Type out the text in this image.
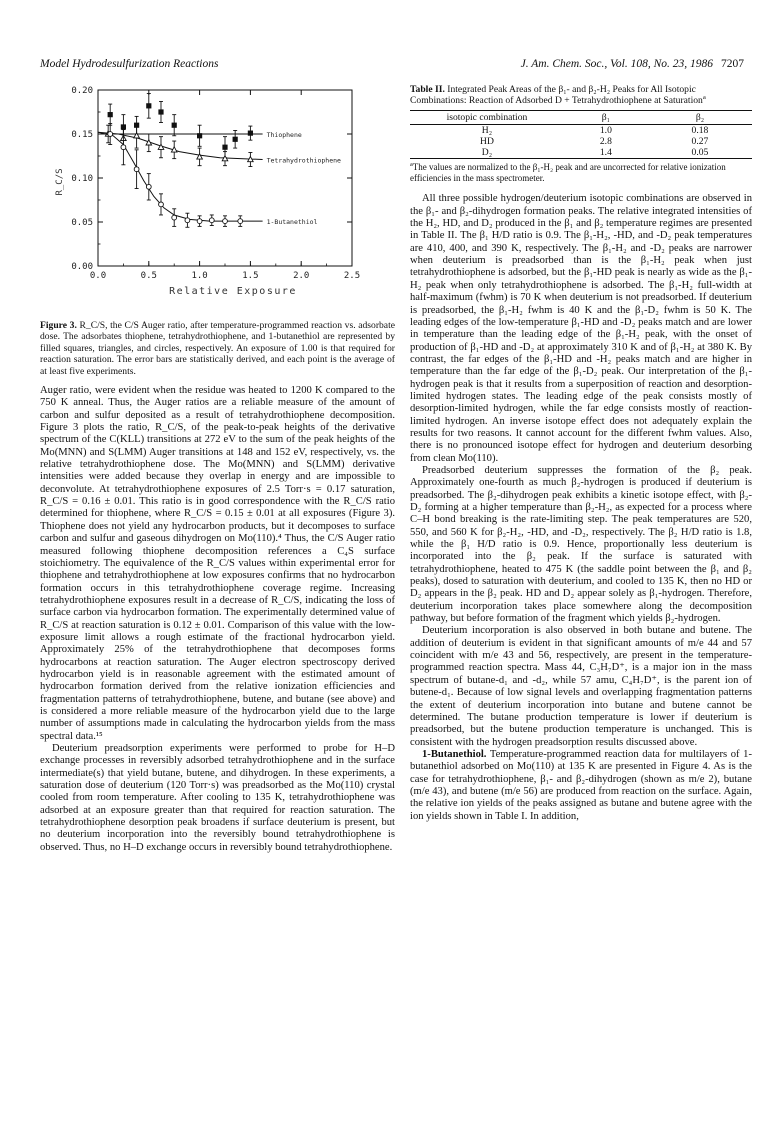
Model Hydrodesulfurization Reactions	J. Am. Chem. Soc., Vol. 108, No. 23, 1986 7207
0.0	0.5	1.0	1.5	2.0	2.5
0.00
0.05
0.10
0.15
0.20
Relative Exposure
R_C/S
Thiophene
Tetrahydrothiophene
1-Butanethiol
Figure 3. R_C/S, the C/S Auger ratio, after temperature-programmed reaction vs. adsorbate dose. The adsorbates thiophene, tetrahydrothiophene, and 1-butanethiol are represented by filled squares, triangles, and circles, respectively. An exposure of 1.00 is that required for reaction saturation. The error bars are statistically derived, and each point is the average of at least five experiments.

Auger ratio, were evident when the residue was heated to 1200 K compared to the 750 K anneal. Thus, the Auger ratios are a reliable measure of the amount of carbon and sulfur deposited as a result of tetrahydrothiophene decomposition. Figure 3 plots the ratio, R_C/S, of the peak-to-peak heights of the derivative spectrum of the C(KLL) transitions at 272 eV to the sum of the peak heights of the Mo(MNN) and S(LMM) Auger transitions at 148 and 152 eV, respectively, vs. the relative tetrahydrothiophene dose. The Mo(MNN) and S(LMM) derivative intensities were added because they overlap in energy and are impossible to deconvolute. At tetrahydrothiophene exposures of 2.5 Torr·s = 0.17 saturation, R_C/S = 0.16 ± 0.01. This ratio is in good correspondence with the R_C/S ratio determined for thiophene, where R_C/S = 0.15 ± 0.01 at all exposures (Figure 3). Thiophene does not yield any hydrocarbon products, but it decomposes to surface carbon and sulfur and gaseous dihydrogen on Mo(110).⁴ Thus, the C/S Auger ratio measured following thiophene decomposition references a C₄S surface stoichiometry. The equivalence of the R_C/S values within experimental error for thiophene and tetrahydrothiophene at low exposures confirms that no hydrocarbon formation occurs in this tetrahydrothiophene coverage regime. Increasing tetrahydrothiophene exposures result in a decrease of R_C/S, indicating the loss of surface carbon via hydrocarbon formation. The experimentally determined value of R_C/S at reaction saturation is 0.12 ± 0.01. Comparison of this value with the low-exposure limit allows a rough estimate of the fractional hydrocarbon yield. Approximately 25% of the tetrahydrothiophene that decomposes forms hydrocarbons at reaction saturation. The Auger electron spectroscopy derived hydrocarbon yield is in reasonable agreement with the estimated amount of hydrocarbon formation derived from the relative ionization efficiencies and fragmentation patterns of tetrahydrothiophene, butene, and butane (see above) and is considered a more reliable measure of the hydrocarbon yield due to the large number of assumptions made in calculating the hydrocarbon yields from the mass spectral data.¹⁵

Deuterium preadsorption experiments were performed to probe for H–D exchange processes in reversibly adsorbed tetrahydrothiophene and in the surface intermediate(s) that yield butane, butene, and dihydrogen. In these experiments, a saturation dose of deuterium (120 Torr·s) was preadsorbed as the Mo(110) crystal cooled from room temperature. After cooling to 135 K, tetrahydrothiophene was adsorbed at an exposure greater than that required for reaction saturation. The tetrahydrothiophene desorption peak broadens if surface deuterium is present, but no deuterium incorporation into the reversibly bound tetrahydrothiophene is observed. Thus, no H–D exchange occurs in reversibly bound tetrahydrothiophene.

Table II. Integrated Peak Areas of the β₁- and β₂-H₂ Peaks for All Isotopic Combinations: Reaction of Adsorbed D + Tetrahydrothiophene at Saturation$^a$
isotopic combination	β₁	β₂
H₂	1.0	0.18
HD	2.8	0.27
D₂	1.4	0.05
$^a$The values are normalized to the β₁-H₂ peak and are uncorrected for relative ionization efficiencies in the mass spectrometer.

All three possible hydrogen/deuterium isotopic combinations are observed in the β₁- and β₂-dihydrogen formation peaks. The relative integrated intensities of the H₂, HD, and D₂ produced in the β₁ and β₂ temperature regimes are presented in Table II. The β₁ H/D ratio is 0.9. The β₁-H₂, -HD, and -D₂ peak temperatures are 410, 400, and 390 K, respectively. The β₁-H₂ and -D₂ peaks are narrower when deuterium is preadsorbed than is the β₁-H₂ peak when just tetrahydrothiophene is adsorbed, but the β₁-HD peak is nearly as wide as the β₁-H₂ peak when only tetrahydrothiophene is adsorbed. The β₁-H₂ full-width at half-maximum (fwhm) is 70 K when deuterium is not preadsorbed. If deuterium is preadsorbed, the β₁-H₂ fwhm is 40 K and the β₁-D₂ fwhm is 50 K. The leading edges of the low-temperature β₁-HD and -D₂ peaks match and are lower in temperature than the leading edge of the β₁-H₂ peak, with the onset of production of β₁-HD and -D₂ at approximately 310 K and of β₁-H₂ at 380 K. By contrast, the far edges of the β₁-HD and -H₂ peaks match and are higher in temperature than the far edge of the β₁-D₂ peak. Our interpretation of the β₁-hydrogen peak is that it results from a superposition of reaction and desorption-limited hydrogen states. The leading edge of the peak consists mostly of desorption-limited hydrogen, while the far edge consists mostly of reaction-limited hydrogen. An inverse isotope effect does not adequately explain the results for two reasons. It cannot account for the different fwhm values. Also, there is no pronounced isotope effect for hydrogen and deuterium desorbing from clean Mo(110).

Preadsorbed deuterium suppresses the formation of the β₂ peak. Approximately one-fourth as much β₂-hydrogen is produced if deuterium is preadsorbed. The β₂-dihydrogen peak exhibits a kinetic isotope effect, with β₂-D₂ forming at a higher temperature than β₂-H₂, as expected for a process where C–H bond breaking is the rate-limiting step. The peak temperatures are 520, 550, and 560 K for β₂-H₂, -HD, and -D₂, respectively. The β₂ H/D ratio is 1.8, while the β₁ H/D ratio is 0.9. Hence, proportionally less deuterium is incorporated into the β₂ peak. If the surface is saturated with tetrahydrothiophene, heated to 475 K (the saddle point between the β₁ and β₂ peaks), dosed to saturation with deuterium, and cooled to 135 K, then no HD or D₂ appears in the β₂ peak. HD and D₂ appear solely as β₁-hydrogen. Therefore, deuterium incorporation takes place somewhere along the decomposition pathway, but before formation of the fragment which yields β₂-hydrogen.

Deuterium incorporation is also observed in both butane and butene. The addition of deuterium is evident in that significant amounts of m/e 44 and 57 coincident with m/e 43 and 56, respectively, are present in the temperature-programmed reaction spectra. Mass 44, C₃H₇D⁺, is a major ion in the mass spectrum of butane-d₁ and -d₂, while 57 amu, C₄H₇D⁺, is the parent ion of butene-d₁. Because of low signal levels and overlapping fragmentation patterns the extent of deuterium incorporation into butane and butene cannot be determined. The butane production temperature is lower if deuterium is preadsorbed, but the butene production temperature is unchanged. This is consistent with the hydrogen preadsorption results discussed above.

1-Butanethiol. Temperature-programmed reaction data for multilayers of 1-butanethiol adsorbed on Mo(110) at 135 K are presented in Figure 4. As is the case for tetrahydrothiophene, β₁- and β₂-dihydrogen (shown as m/e 2), butane (m/e 43), and butene (m/e 56) are produced from reaction on the surface. Again, the relative ion yields of the peaks assigned as butane and butene agree with the ion yields shown in Table I. In addition,
